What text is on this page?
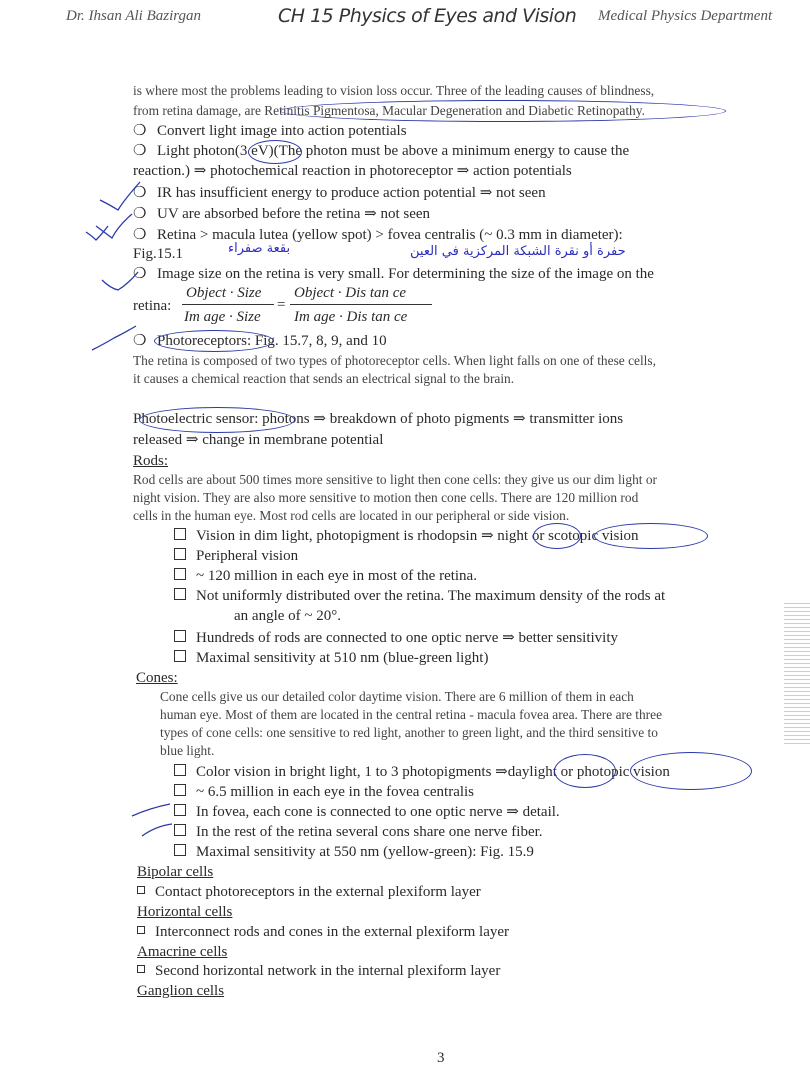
Dr. Ihsan Ali Bazirgan	CH 15 Physics of Eyes and Vision Medical Physics Department
is where most the problems leading to vision loss occur. Three of the leading causes of blindness,
from retina damage, are Retinitis Pigmentosa, Macular Degeneration and Diabetic Retinopathy.
❍ Convert light image into action potentials
❍ Light photon(3 eV)(The photon must be above a minimum energy to cause the
reaction.) ⇒ photochemical reaction in photoreceptor ⇒ action potentials
❍ IR has insufficient energy to produce action potential ⇒ not seen
❍ UV are absorbed before the retina ⇒ not seen
❍ Retina > macula lutea (yellow spot) > fovea centralis (~ 0.3 mm in diameter):
Fig.15.1	بقعة صفراء	حفرة أو نقرة الشبكة المركزية في العين
❍ Image size on the retina is very small. For determining the size of the image on the
retina:
Object · Size
Im age · Size
=
Object · Dis tan ce
Im age · Dis tan ce
❍ Photoreceptors: Fig. 15.7, 8, 9, and 10
The retina is composed of two types of photoreceptor cells. When light falls on one of these cells,
it causes a chemical reaction that sends an electrical signal to the brain.
Photoelectric sensor: photons ⇒ breakdown of photo pigments ⇒ transmitter ions
released ⇒ change in membrane potential
Rods:
Rod cells are about 500 times more sensitive to light then cone cells: they give us our dim light or
night vision. They are also more sensitive to motion then cone cells. There are 120 million rod
cells in the human eye. Most rod cells are located in our peripheral or side vision.
Vision in dim light, photopigment is rhodopsin ⇒ night or scotopic vision
Peripheral vision
~ 120 million in each eye in most of the retina.
Not uniformly distributed over the retina. The maximum density of the rods at
an angle of ~ 20°.
Hundreds of rods are connected to one optic nerve ⇒ better sensitivity
Maximal sensitivity at 510 nm (blue-green light)
Cones:
Cone cells give us our detailed color daytime vision. There are 6 million of them in each
human eye. Most of them are located in the central retina - macula fovea area. There are three
types of cone cells: one sensitive to red light, another to green light, and the third sensitive to
blue light.
Color vision in bright light, 1 to 3 photopigments ⇒daylight or photopic vision
~ 6.5 million in each eye in the fovea centralis
In fovea, each cone is connected to one optic nerve ⇒ detail.
In the rest of the retina several cons share one nerve fiber.
Maximal sensitivity at 550 nm (yellow-green): Fig. 15.9
Bipolar cells
Contact photoreceptors in the external plexiform layer
Horizontal cells
Interconnect rods and cones in the external plexiform layer
Amacrine cells
Second horizontal network in the internal plexiform layer
Ganglion cells
3
